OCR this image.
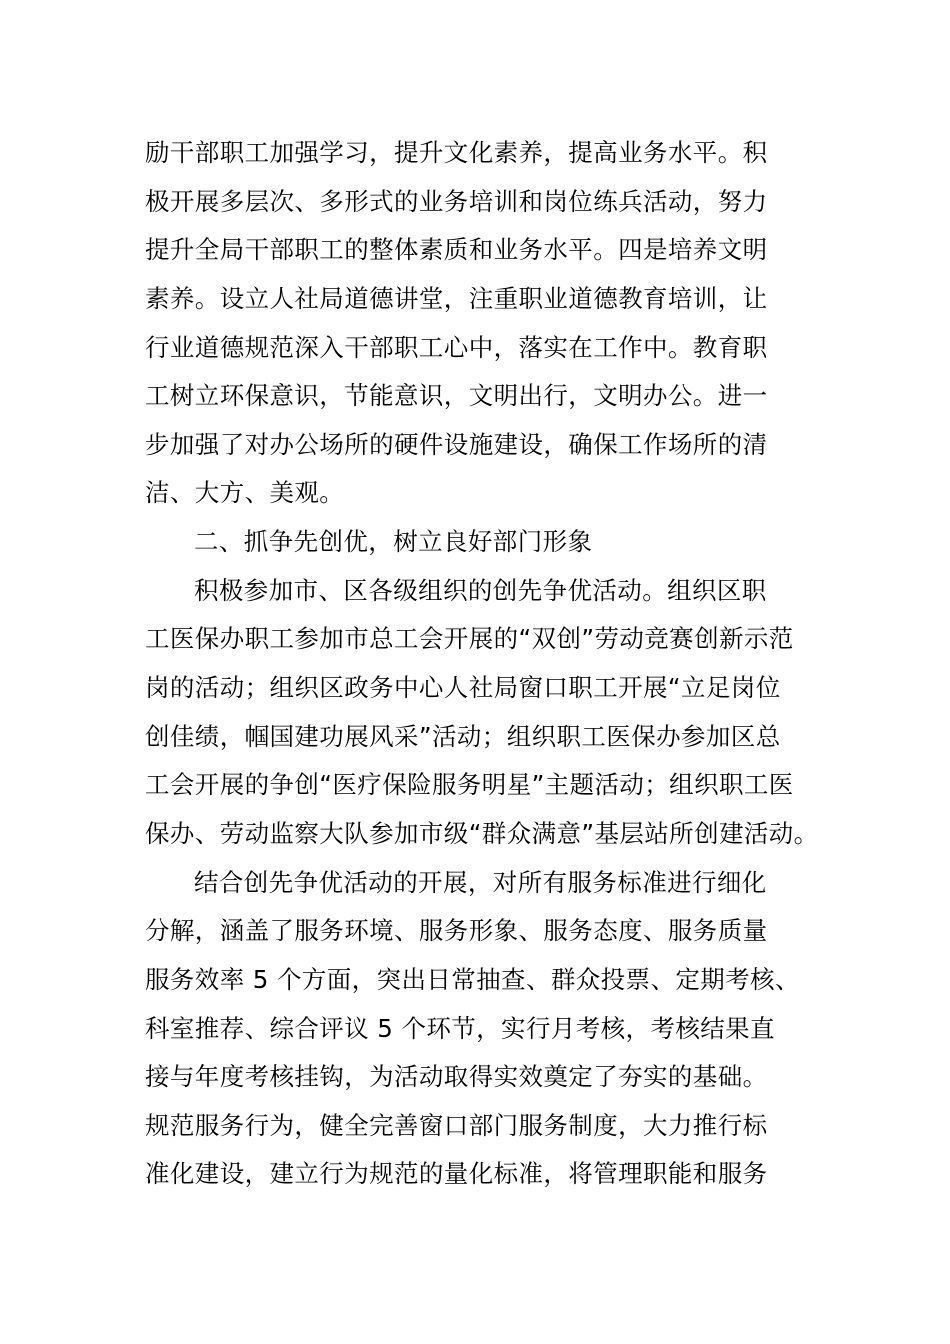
励干部职工加强学习，提升文化素养，提高业务水平。积
极开展多层次、多形式的业务培训和岗位练兵活动，努力
提升全局干部职工的整体素质和业务水平。四是培养文明
素养。设立人社局道德讲堂，注重职业道德教育培训，让
行业道德规范深入干部职工心中，落实在工作中。教育职
工树立环保意识，节能意识，文明出行，文明办公。进一
步加强了对办公场所的硬件设施建设，确保工作场所的清
洁、大方、美观。
二、抓争先创优，树立良好部门形象
积极参加市、区各级组织的创先争优活动。组织区职
工医保办职工参加市总工会开展的“双创”劳动竞赛创新示范
岗的活动；组织区政务中心人社局窗口职工开展“立足岗位
创佳绩，帼国建功展风采”活动；组织职工医保办参加区总
工会开展的争创“医疗保险服务明星”主题活动；组织职工医
保办、劳动监察大队参加市级“群众满意”基层站所创建活动。
结合创先争优活动的开展，对所有服务标准进行细化
分解，涵盖了服务环境、服务形象、服务态度、服务质量
服务效率 5 个方面，突出日常抽查、群众投票、定期考核、
科室推荐、综合评议 5 个环节，实行月考核，考核结果直
接与年度考核挂钩，为活动取得实效奠定了夯实的基础。
规范服务行为，健全完善窗口部门服务制度，大力推行标
准化建设，建立行为规范的量化标准，将管理职能和服务
